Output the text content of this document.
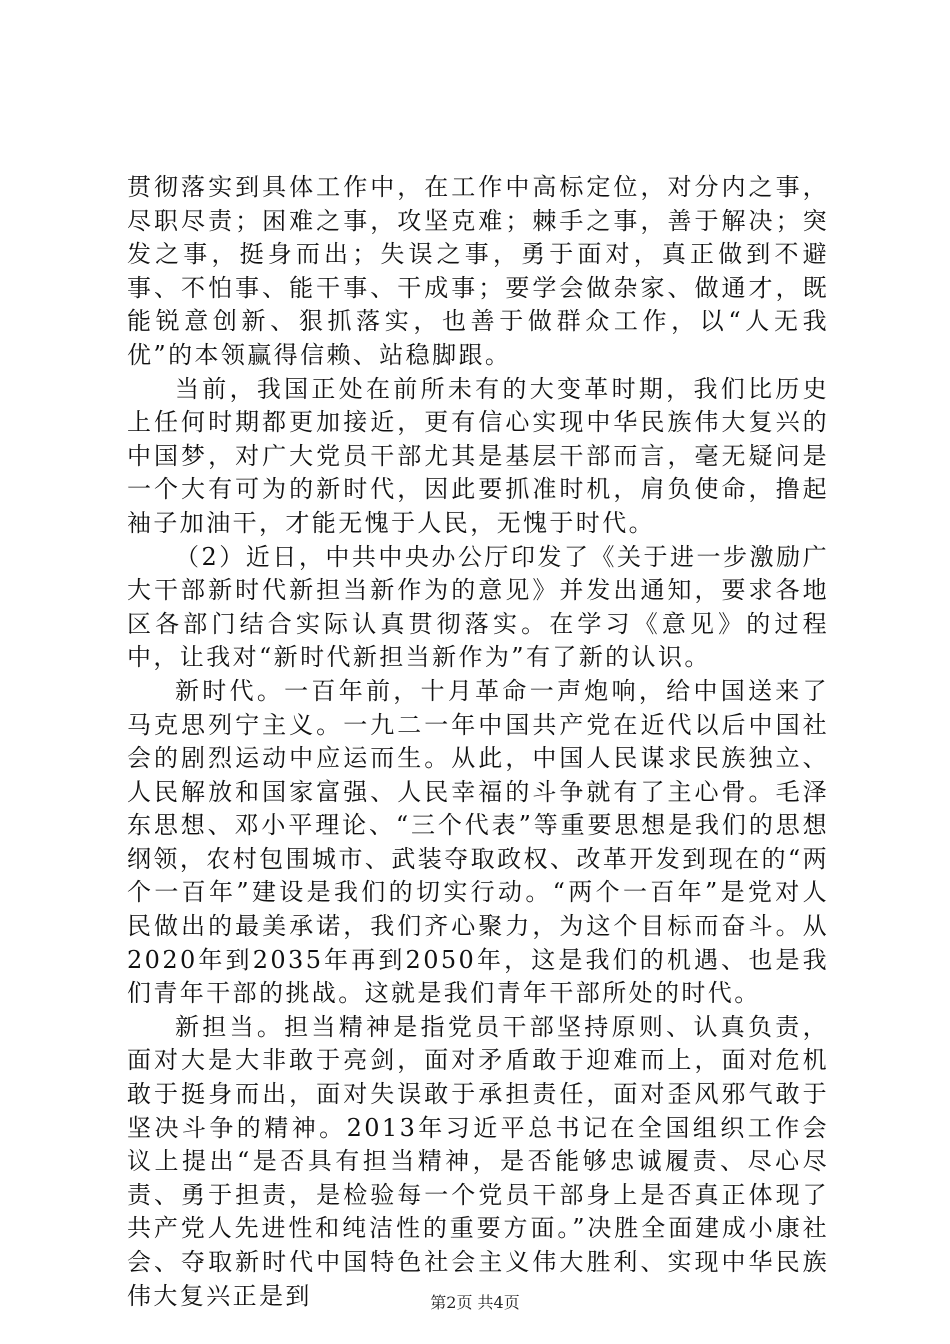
贯彻落实到具体工作中，在工作中高标定位，对分内之事，尽职尽责；困难之事，攻坚克难；棘手之事，善于解决；突发之事，挺身而出；失误之事，勇于面对，真正做到不避事、不怕事、能干事、干成事；要学会做杂家、做通才，既能锐意创新、狠抓落实，也善于做群众工作，以“人无我优”的本领赢得信赖、站稳脚跟。

当前，我国正处在前所未有的大变革时期，我们比历史上任何时期都更加接近，更有信心实现中华民族伟大复兴的中国梦，对广大党员干部尤其是基层干部而言，毫无疑问是一个大有可为的新时代，因此要抓准时机，肩负使命，撸起袖子加油干，才能无愧于人民，无愧于时代。

（2）近日，中共中央办公厅印发了《关于进一步激励广大干部新时代新担当新作为的意见》并发出通知，要求各地区各部门结合实际认真贯彻落实。在学习《意见》的过程中，让我对“新时代新担当新作为”有了新的认识。

新时代。一百年前，十月革命一声炮响，给中国送来了马克思列宁主义。一九二一年中国共产党在近代以后中国社会的剧烈运动中应运而生。从此，中国人民谋求民族独立、人民解放和国家富强、人民幸福的斗争就有了主心骨。毛泽东思想、邓小平理论、“三个代表”等重要思想是我们的思想纲领，农村包围城市、武装夺取政权、改革开发到现在的“两个一百年”建设是我们的切实行动。“两个一百年”是党对人民做出的最美承诺，我们齐心聚力，为这个目标而奋斗。从2020年到2035年再到2050年，这是我们的机遇、也是我们青年干部的挑战。这就是我们青年干部所处的时代。

新担当。担当精神是指党员干部坚持原则、认真负责，面对大是大非敢于亮剑，面对矛盾敢于迎难而上，面对危机敢于挺身而出，面对失误敢于承担责任，面对歪风邪气敢于坚决斗争的精神。2013年习近平总书记在全国组织工作会议上提出“是否具有担当精神，是否能够忠诚履责、尽心尽责、勇于担责，是检验每一个党员干部身上是否真正体现了共产党人先进性和纯洁性的重要方面。”决胜全面建成小康社会、夺取新时代中国特色社会主义伟大胜利、实现中华民族伟大复兴正是到	第2页 共4页
